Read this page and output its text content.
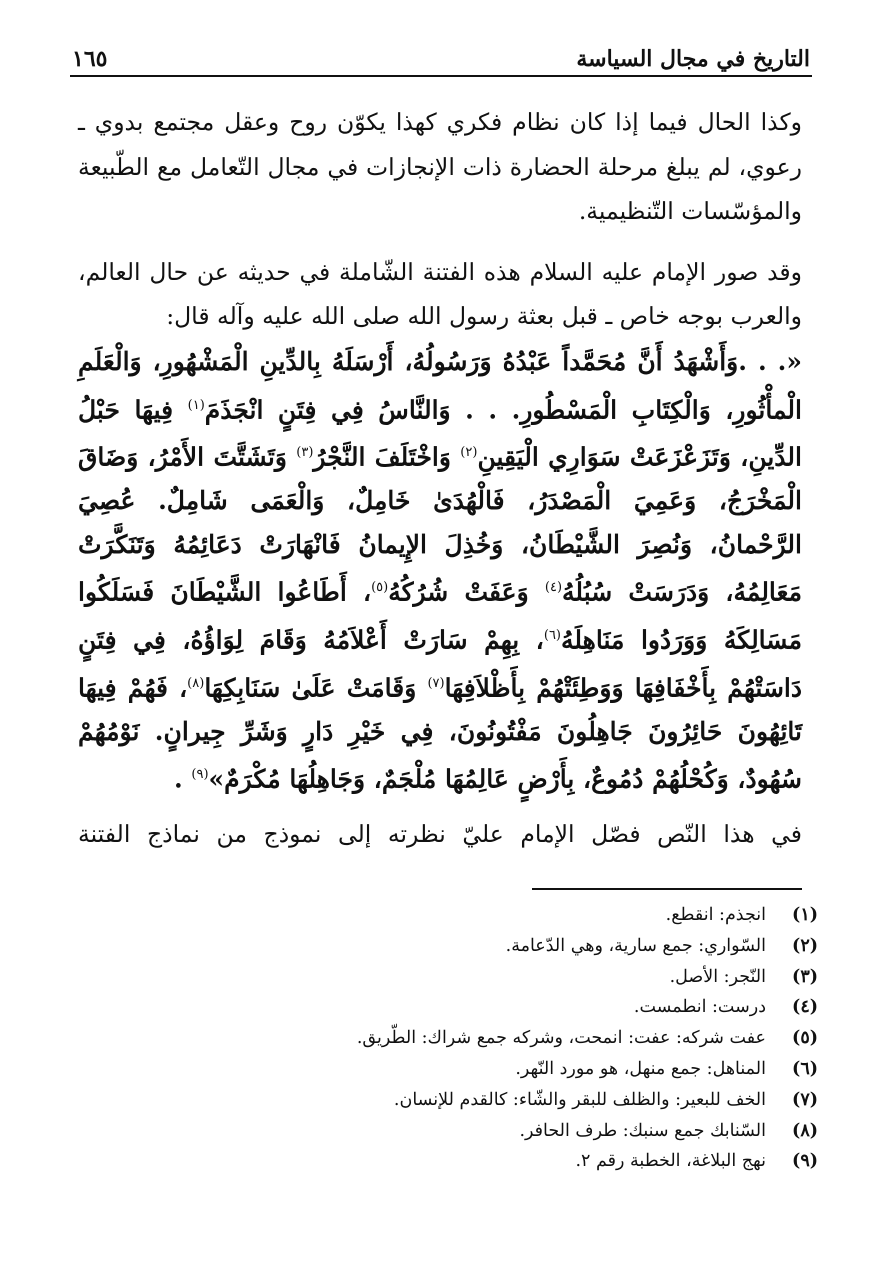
التاريخ في مجال السياسة
١٦٥

وكذا الحال فيما إذا كان نظام فكري كهذا يكوّن روح وعقل مجتمع بدوي ـ رعوي، لم يبلغ مرحلة الحضارة ذات الإنجازات في مجال التّعامل مع الطّبيعة والمؤسّسات التّنظيمية.

وقد صور الإمام عليه السلام هذه الفتنة الشّاملة في حديثه عن حال العالم، والعرب بوجه خاص ـ قبل بعثة رسول الله صلى الله عليه وآله قال:

«. . .وَأَشْهَدُ أَنَّ مُحَمَّداً عَبْدُهُ وَرَسُولُهُ، أَرْسَلَهُ بِالدِّينِ الْمَشْهُورِ، وَالْعَلَمِ الْمأْثُورِ، وَالْكِتَابِ الْمَسْطُورِ. . . وَالنَّاسُ فِي فِتَنٍ انْجَذَمَ$^{(١)}$ فِيهَا حَبْلُ الدِّينِ، وَتَزَعْزَعَتْ سَوَارِي الْيَقِينِ$^{(٢)}$ وَاخْتَلَفَ النَّجْرُ$^{(٣)}$ وَتَشَتَّتَ الأَمْرُ، وَضَاقَ الْمَخْرَجُ، وَعَمِيَ الْمَصْدَرُ، فَالْهُدَىٰ خَامِلٌ، وَالْعَمَى شَامِلٌ. عُصِيَ الرَّحْمانُ، وَنُصِرَ الشَّيْطَانُ، وَخُذِلَ الإِيمانُ فَانْهَارَتْ دَعَائِمُهُ وَتَنَكَّرَتْ مَعَالِمُهُ، وَدَرَسَتْ سُبُلُهُ$^{(٤)}$ وَعَفَتْ شُرُكُهُ$^{(٥)}$، أَطَاعُوا الشَّيْطَانَ فَسَلَكُوا مَسَالِكَهُ وَوَرَدُوا مَنَاهِلَهُ$^{(٦)}$، بِهِمْ سَارَتْ أَعْلاَمُهُ وَقَامَ لِوَاؤُهُ، فِي فِتَنٍ دَاسَتْهُمْ بِأَخْفَافِهَا وَوَطِئَتْهُمْ بِأَظْلاَفِهَا$^{(٧)}$ وَقَامَتْ عَلَىٰ سَنَابِكِهَا$^{(٨)}$، فَهُمْ فِيهَا تَائِهُونَ حَائِرُونَ جَاهِلُونَ مَفْتُونُونَ، فِي خَيْرِ دَارٍ وَشَرِّ جِيرانٍ. نَوْمُهُمْ سُهُودٌ، وَكُحْلُهُمْ دُمُوعٌ، بِأَرْضٍ عَالِمُهَا مُلْجَمٌ، وَجَاهِلُهَا مُكْرَمٌ»$^{(٩)}$ .
في هذا النّص فصّل الإمام عليّ نظرته إلى نموذج من نماذج الفتنة
(١)
انجذم: انقطع.
(٢)
السّواري: جمع سارية، وهي الدّعامة.
(٣)
النّجر: الأصل.
(٤)
درست: انطمست.
(٥)
عفت شركه: عفت: انمحت، وشركه جمع شراك: الطّريق.
(٦)
المناهل: جمع منهل، هو مورد النّهر.
(٧)
الخف للبعير: والظلف للبقر والشّاء: كالقدم للإنسان.
(٨)
السّنابك جمع سنبك: طرف الحافر.
(٩)
نهج البلاغة، الخطبة رقم ٢.
